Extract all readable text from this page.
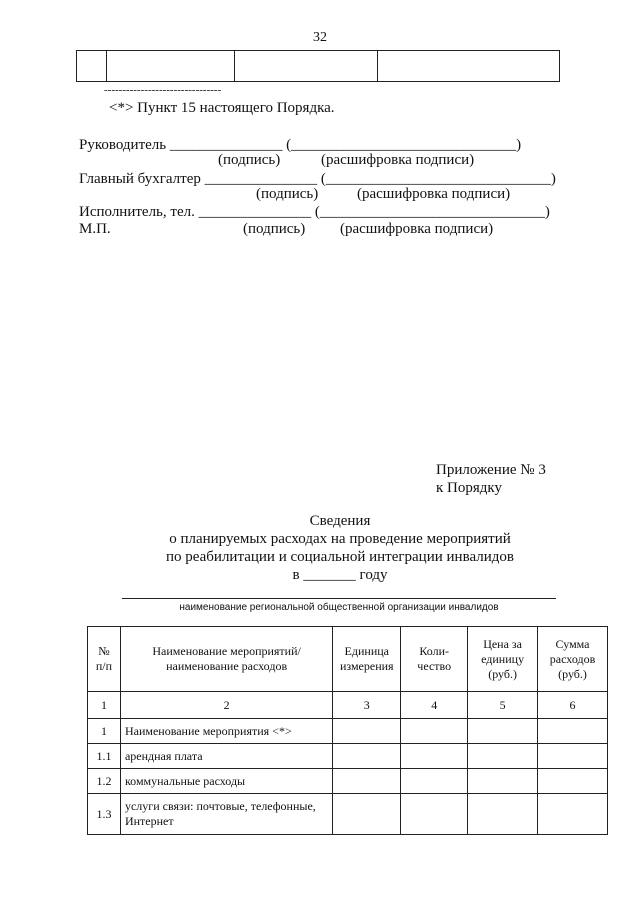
32
--------------------------------
<*> Пункт 15 настоящего Порядка.
Руководитель _______________ (______________________________)
(подпись)	(расшифровка подписи)
Главный бухгалтер _______________ (______________________________)
(подпись)	(расшифровка подписи)
Исполнитель, тел. _______________ (______________________________)
М.П.	(подпись) (расшифровка подписи)
Приложение № 3
к Порядку
Сведения
о планируемых расходах на проведение мероприятий
по реабилитации и социальной интеграции инвалидов
в _______ году
наименование региональной общественной организации инвалидов
№ п/п	Наименование мероприятий/наименование расходов	Единица измерения	Коли- чество	Цена за единицу (руб.)	Сумма расходов (руб.)
1	2	3	4	5	6
1	Наименование мероприятия <*>				
1.1	арендная плата				
1.2	коммунальные расходы				
1.3	услуги связи: почтовые, телефонные, Интернет				
